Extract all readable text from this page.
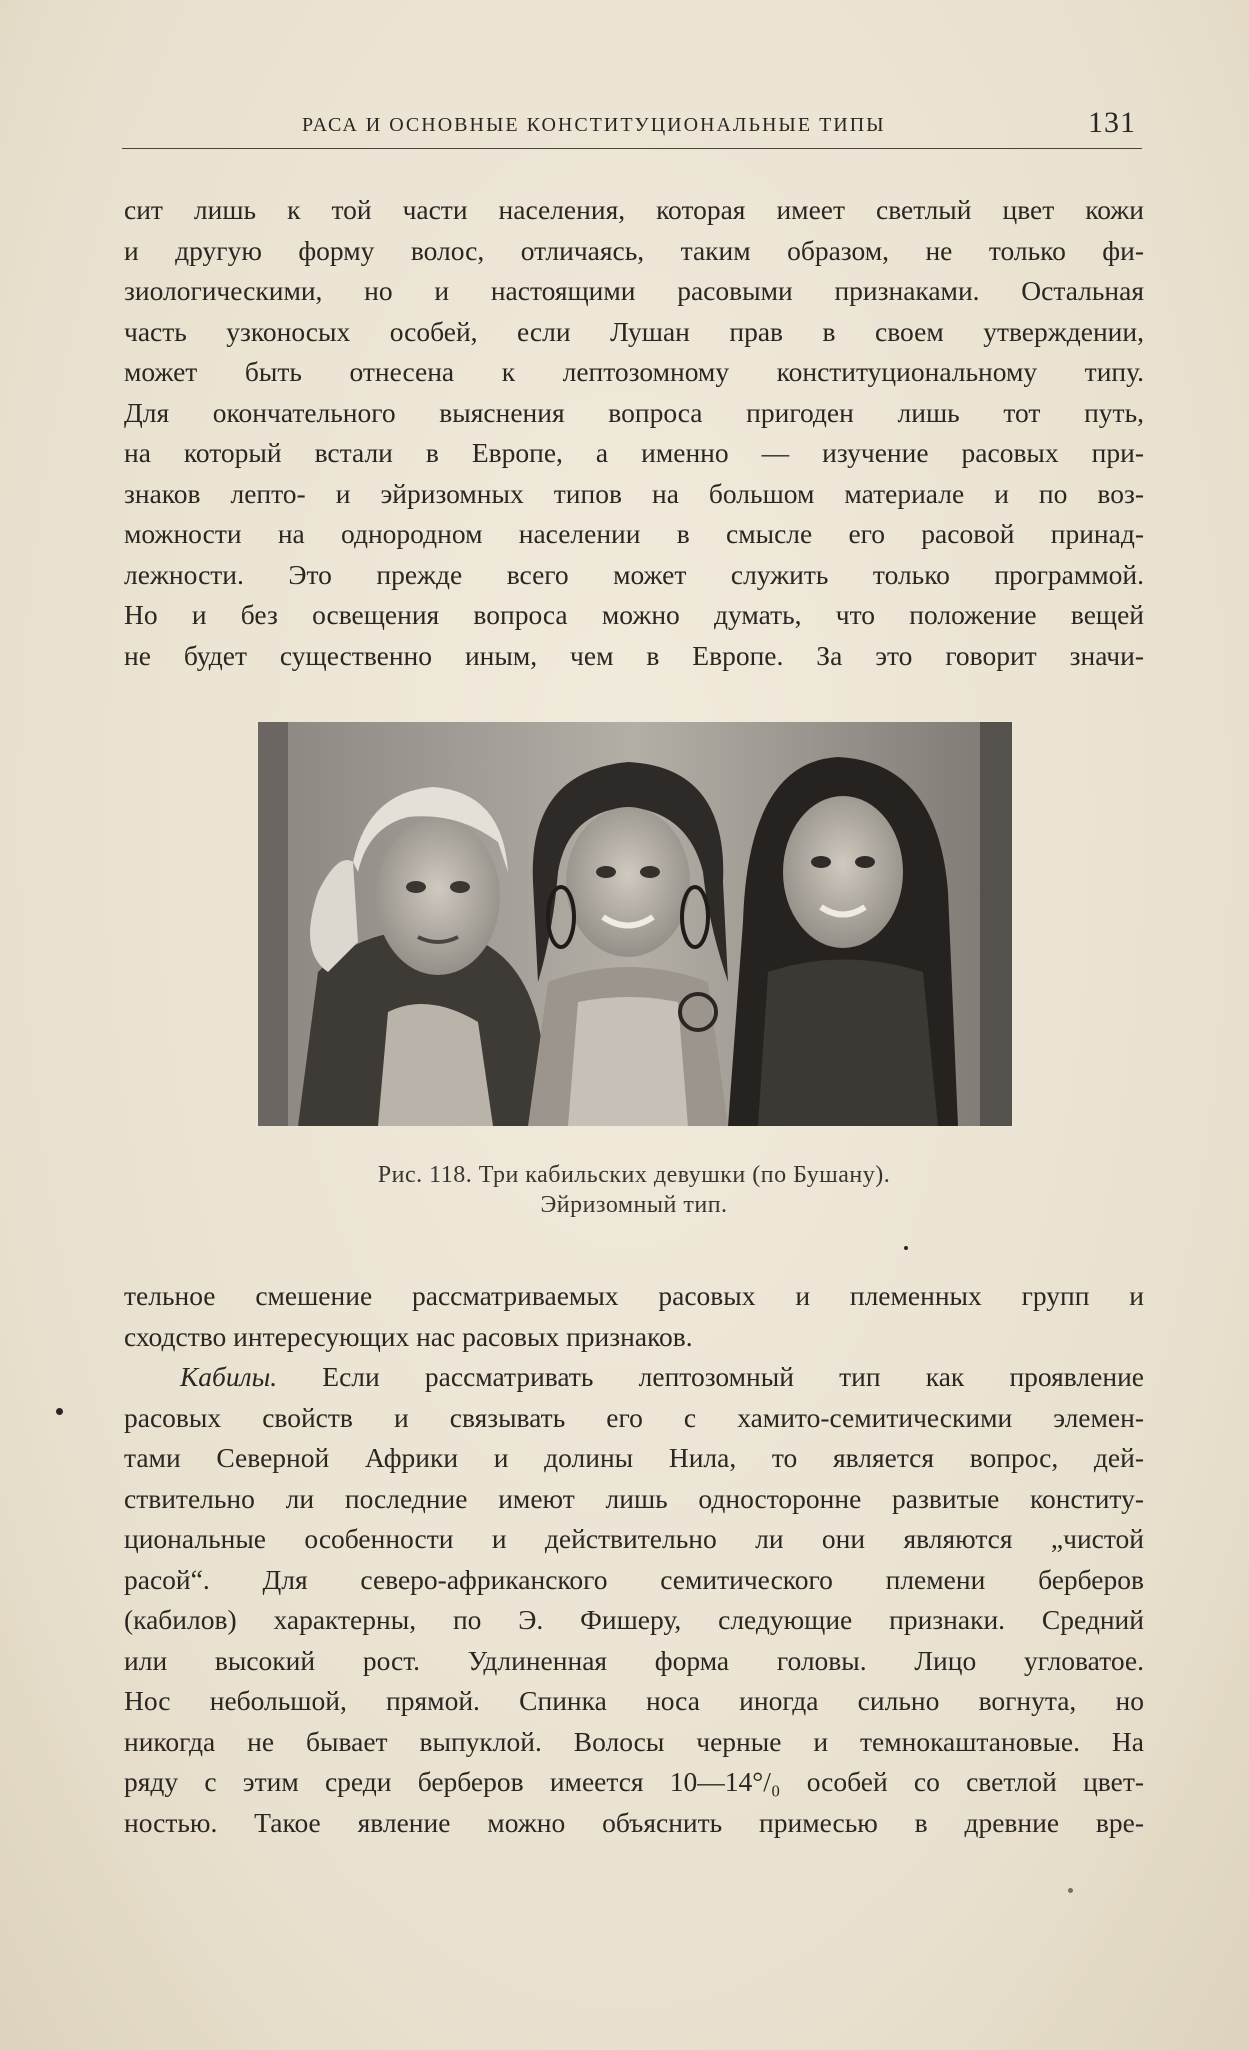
РАСА И ОСНОВНЫЕ КОНСТИТУЦИОНАЛЬНЫЕ ТИПЫ	131
сит лишь к той части населения, которая имеет светлый цвет кожи
и другую форму волос, отличаясь, таким образом, не только фи-
зиологическими, но и настоящими расовыми признаками. Остальная
часть узконосых особей, если Лушан прав в своем утверждении,
может быть отнесена к лептозомному конституциональному типу.
Для окончательного выяснения вопроса пригоден лишь тот путь,
на который встали в Европе, а именно — изучение расовых при-
знаков лепто- и эйризомных типов на большом материале и по воз-
можности на однородном населении в смысле его расовой принад-
лежности. Это прежде всего может служить только программой.
Но и без освещения вопроса можно думать, что положение вещей
не будет существенно иным, чем в Европе. За это говорит значи-
Рис. 118. Три кабильских девушки (по Бушану).
Эйризомный тип.
тельное смешение рассматриваемых расовых и племенных групп и
сходство интересующих нас расовых признаков.
Кабилы. Если рассматривать лептозомный тип как проявление
расовых свойств и связывать его с хамито-семитическими элемен-
тами Северной Африки и долины Нила, то является вопрос, дей-
ствительно ли последние имеют лишь односторонне развитые конститу-
циональные особенности и действительно ли они являются „чистой
расой“. Для северо-африканского семитического племени берберов
(кабилов) характерны, по Э. Фишеру, следующие признаки. Средний
или высокий рост. Удлиненная форма головы. Лицо угловатое.
Нос небольшой, прямой. Спинка носа иногда сильно вогнута, но
никогда не бывает выпуклой. Волосы черные и темнокаштановые. На
ряду с этим среди берберов имеется 10—14°/₀ особей со светлой цвет-
ностью. Такое явление можно объяснить примесью в древние вре-
